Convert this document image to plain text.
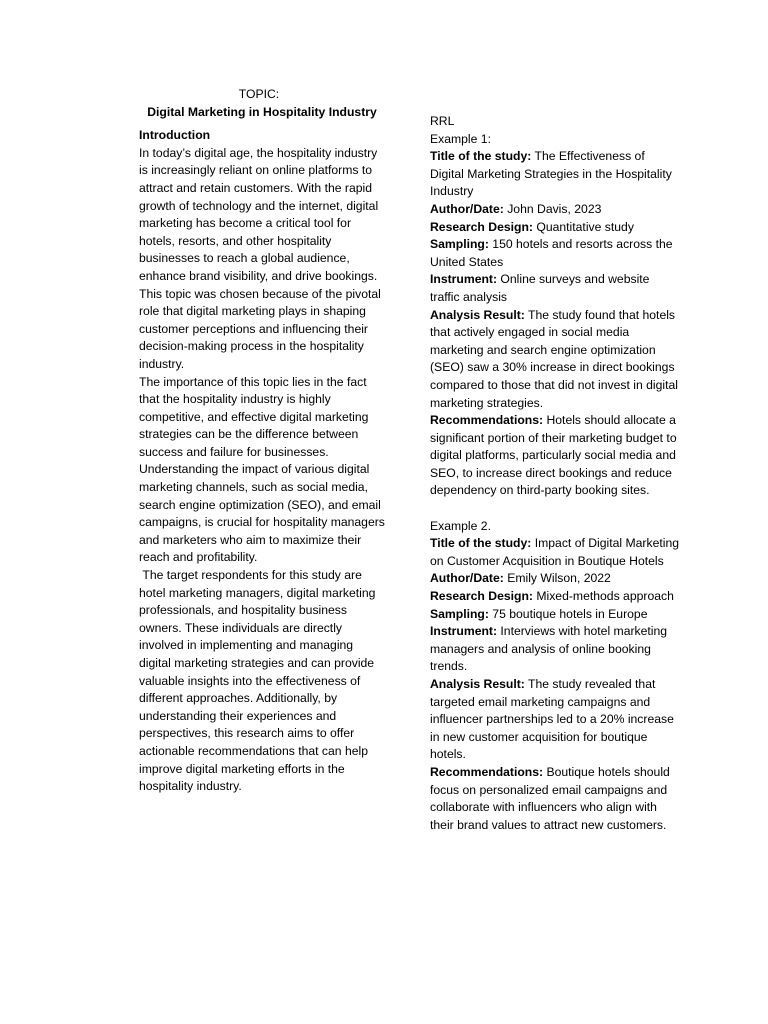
TOPIC:

Digital Marketing in Hospitality Industry

Introduction

In today’s digital age, the hospitality industry is increasingly reliant on online platforms to attract and retain customers. With the rapid growth of technology and the internet, digital marketing has become a critical tool for hotels, resorts, and other hospitality businesses to reach a global audience, enhance brand visibility, and drive bookings. This topic was chosen because of the pivotal role that digital marketing plays in shaping customer perceptions and influencing their decision-making process in the hospitality industry.

The importance of this topic lies in the fact that the hospitality industry is highly competitive, and effective digital marketing strategies can be the difference between success and failure for businesses. Understanding the impact of various digital marketing channels, such as social media, search engine optimization (SEO), and email campaigns, is crucial for hospitality managers and marketers who aim to maximize their reach and profitability.

The target respondents for this study are hotel marketing managers, digital marketing professionals, and hospitality business owners. These individuals are directly involved in implementing and managing digital marketing strategies and can provide valuable insights into the effectiveness of different approaches. Additionally, by understanding their experiences and perspectives, this research aims to offer actionable recommendations that can help improve digital marketing efforts in the hospitality industry.

RRL

Example 1:

Title of the study: The Effectiveness of Digital Marketing Strategies in the Hospitality Industry

Author/Date: John Davis, 2023

Research Design: Quantitative study

Sampling: 150 hotels and resorts across the United States

Instrument: Online surveys and website traffic analysis

Analysis Result: The study found that hotels that actively engaged in social media marketing and search engine optimization (SEO) saw a 30% increase in direct bookings compared to those that did not invest in digital marketing strategies.

Recommendations: Hotels should allocate a significant portion of their marketing budget to digital platforms, particularly social media and SEO, to increase direct bookings and reduce dependency on third-party booking sites.

Example 2.

Title of the study: Impact of Digital Marketing on Customer Acquisition in Boutique Hotels

Author/Date: Emily Wilson, 2022

Research Design: Mixed-methods approach

Sampling: 75 boutique hotels in Europe

Instrument: Interviews with hotel marketing managers and analysis of online booking trends.

Analysis Result: The study revealed that targeted email marketing campaigns and influencer partnerships led to a 20% increase in new customer acquisition for boutique hotels.

Recommendations: Boutique hotels should focus on personalized email campaigns and collaborate with influencers who align with their brand values to attract new customers.
